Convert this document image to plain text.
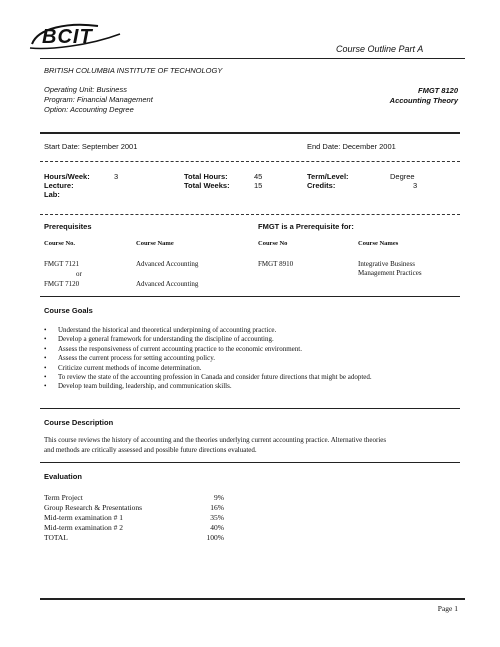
BCIT
Course Outline Part A
BRITISH COLUMBIA INSTITUTE OF TECHNOLOGY
Operating Unit: Business
Program: Financial Management
Option: Accounting Degree
FMGT 8120
Accounting Theory
Start Date: September 2001	End Date: December 2001
Hours/Week:	3
Lecture:
Lab:
Total Hours:	45
Total Weeks:	15
Term/Level:	Degree
Credits:	3
Prerequisites	FMGT is a Prerequisite for:
Course No.	Course Name	Course No	Course Names
FMGT 7121	Advanced Accounting
or
FMGT 7120	Advanced Accounting
FMGT 8910	Integrative Business
Management Practices
Course Goals
• Understand the historical and theoretical underpinning of accounting practice.
• Develop a general framework for understanding the discipline of accounting.
• Assess the responsiveness of current accounting practice to the economic environment.
• Assess the current process for setting accounting policy.
• Criticize current methods of income determination.
• To review the state of the accounting profession in Canada and consider future directions that might be adopted.
• Develop team building, leadership, and communication skills.
Course Description
This course reviews the history of accounting and the theories underlying current accounting practice. Alternative theories
and methods are critically assessed and possible future directions evaluated.
Evaluation
Term Project	9%
Group Research & Presentations	16%
Mid-term examination # 1	35%
Mid-term examination # 2	40%
TOTAL	100%
Page 1
